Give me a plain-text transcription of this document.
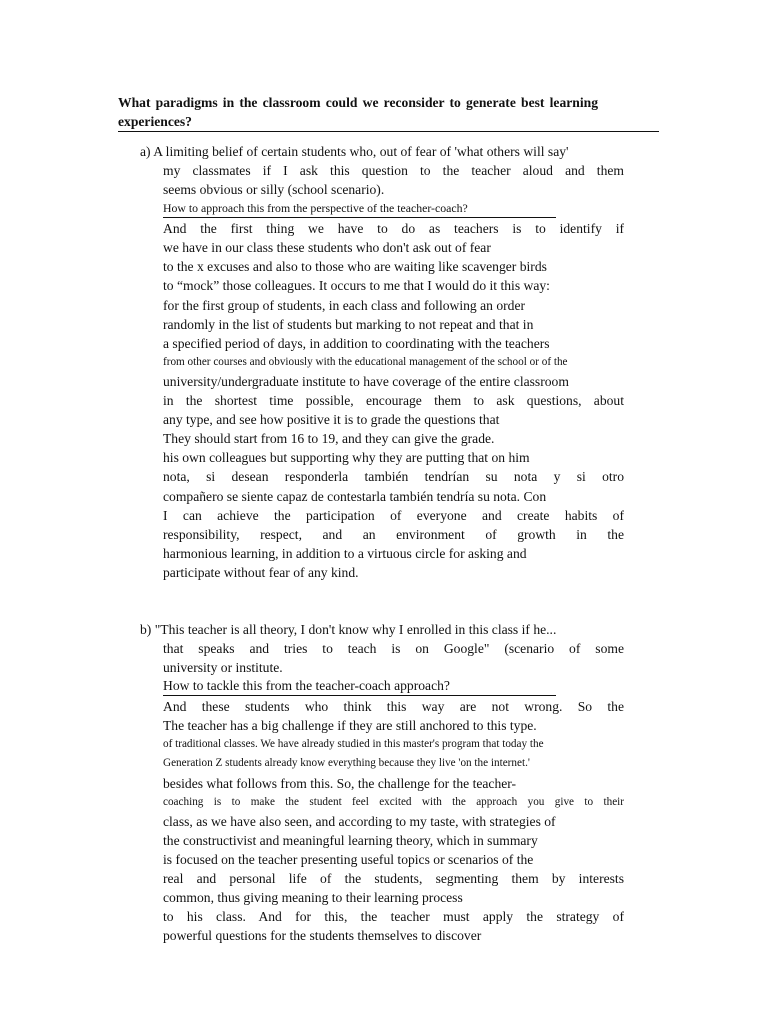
What paradigms in the classroom could we reconsider to generate best learning experiences?
a) A limiting belief of certain students who, out of fear of 'what others will say'
my classmates if I ask this question to the teacher aloud and them
seems obvious or silly (school scenario).
How to approach this from the perspective of the teacher-coach?
And the first thing we have to do as teachers is to identify if
we have in our class these students who don't ask out of fear
to the x excuses and also to those who are waiting like scavenger birds
to “mock” those colleagues. It occurs to me that I would do it this way:
for the first group of students, in each class and following an order
randomly in the list of students but marking to not repeat and that in
a specified period of days, in addition to coordinating with the teachers
from other courses and obviously with the educational management of the school or of the
university/undergraduate institute to have coverage of the entire classroom
in the shortest time possible, encourage them to ask questions, about
any type, and see how positive it is to grade the questions that
They should start from 16 to 19, and they can give the grade.
his own colleagues but supporting why they are putting that on him
nota, si desean responderla también tendrían su nota y si otro
compañero se siente capaz de contestarla también tendría su nota. Con
I can achieve the participation of everyone and create habits of
responsibility, respect, and an environment of growth in the
harmonious learning, in addition to a virtuous circle for asking and
participate without fear of any kind.
b) "This teacher is all theory, I don't know why I enrolled in this class if he...
that speaks and tries to teach is on Google" (scenario of some
university or institute.
How to tackle this from the teacher-coach approach?
And these students who think this way are not wrong. So the
The teacher has a big challenge if they are still anchored to this type.
of traditional classes. We have already studied in this master's program that today the
Generation Z students already know everything because they live 'on the internet.'
besides what follows from this. So, the challenge for the teacher-
coaching is to make the student feel excited with the approach you give to their
class, as we have also seen, and according to my taste, with strategies of
the constructivist and meaningful learning theory, which in summary
is focused on the teacher presenting useful topics or scenarios of the
real and personal life of the students, segmenting them by interests
common, thus giving meaning to their learning process
to his class. And for this, the teacher must apply the strategy of
powerful questions for the students themselves to discover
